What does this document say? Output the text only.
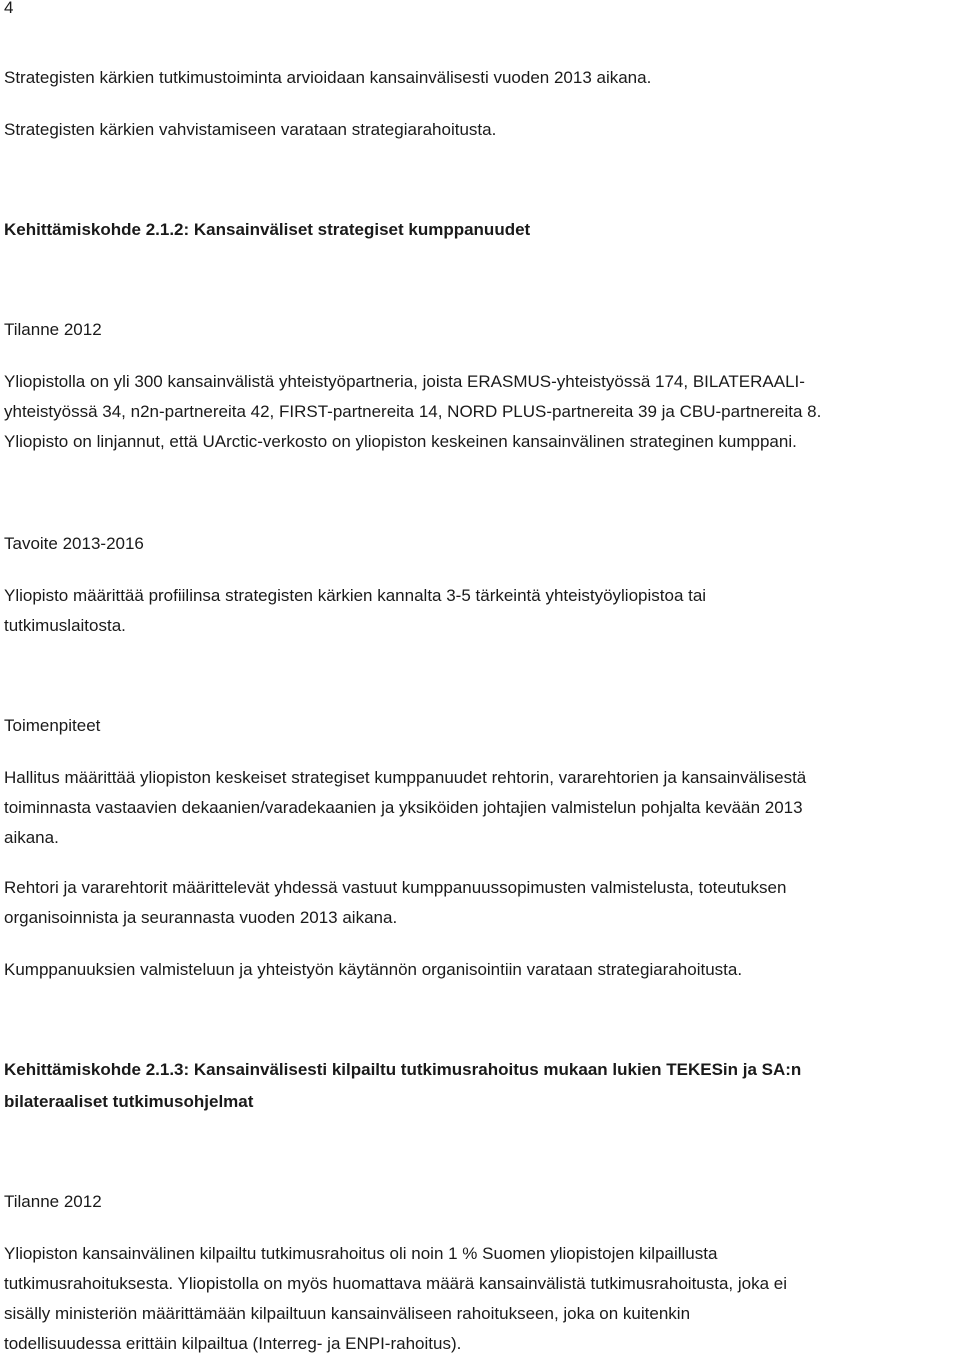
4
Strategisten kärkien tutkimustoiminta arvioidaan kansainvälisesti vuoden 2013 aikana.
Strategisten kärkien vahvistamiseen varataan strategiarahoitusta.
Kehittämiskohde 2.1.2: Kansainväliset strategiset kumppanuudet
Tilanne 2012
Yliopistolla on yli 300 kansainvälistä yhteistyöpartneria, joista ERASMUS-yhteistyössä 174, BILATERAALI-
yhteistyössä 34, n2n-partnereita 42, FIRST-partnereita 14, NORD PLUS-partnereita 39 ja CBU-partnereita 8.
Yliopisto on linjannut, että UArctic-verkosto on yliopiston keskeinen kansainvälinen strateginen kumppani.
Tavoite 2013-2016
Yliopisto määrittää profiilinsa strategisten kärkien kannalta 3-5 tärkeintä yhteistyöyliopistoa tai
tutkimuslaitosta.
Toimenpiteet
Hallitus määrittää yliopiston keskeiset strategiset kumppanuudet rehtorin, vararehtorien ja kansainvälisestä
toiminnasta vastaavien dekaanien/varadekaanien ja yksiköiden johtajien valmistelun pohjalta kevään 2013
aikana.
Rehtori ja vararehtorit määrittelevät yhdessä vastuut kumppanuussopimusten valmistelusta, toteutuksen
organisoinnista ja seurannasta vuoden 2013 aikana.
Kumppanuuksien valmisteluun ja yhteistyön käytännön organisointiin varataan strategiarahoitusta.
Kehittämiskohde 2.1.3: Kansainvälisesti kilpailtu tutkimusrahoitus mukaan lukien TEKESin ja SA:n
bilateraaliset tutkimusohjelmat
Tilanne 2012
Yliopiston kansainvälinen kilpailtu tutkimusrahoitus oli noin 1 % Suomen yliopistojen kilpaillusta
tutkimusrahoituksesta. Yliopistolla on myös huomattava määrä kansainvälistä tutkimusrahoitusta, joka ei
sisälly ministeriön määrittämään kilpailtuun kansainväliseen rahoitukseen, joka on kuitenkin
todellisuudessa erittäin kilpailtua (Interreg- ja ENPI-rahoitus).
